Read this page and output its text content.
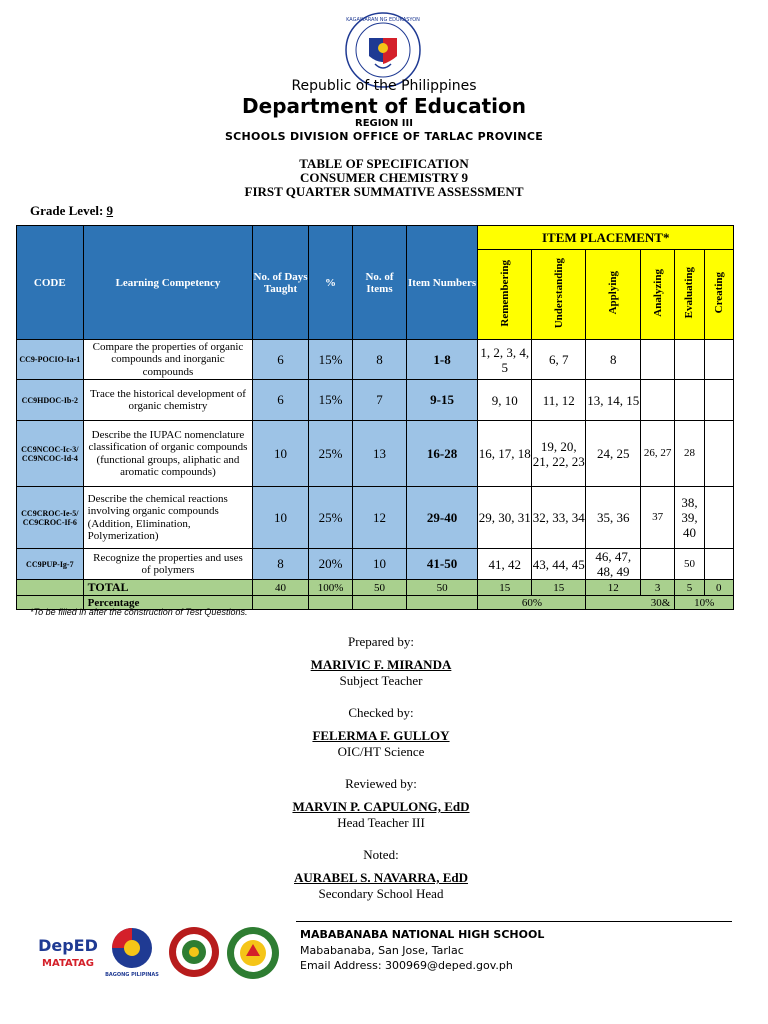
KAGAWARAN NG EDUKASYON
Republic of the Philippines
Department of Education
REGION III
SCHOOLS DIVISION OFFICE OF TARLAC PROVINCE
TABLE OF SPECIFICATION
CONSUMER CHEMISTRY 9
FIRST QUARTER SUMMATIVE ASSESSMENT
Grade Level: 9
CODE	Learning Competency	No. of Days Taught	%	No. of Items	Item Numbers	ITEM PLACEMENT*					
						Remembering	Understanding	Applying	Analyzing	Evaluating	Creating
CC9-POCIO-Ia-1	Compare the properties of organic compounds and inorganic compounds	6	15%	8	1-8	1, 2, 3, 4, 5	6, 7	8			
CC9HDOC-Ib-2	Trace the historical development of organic chemistry	6	15%	7	9-15	9, 10	11, 12	13, 14, 15			
CC9NCOC-Ic-3/ CC9NCOC-Id-4	Describe the IUPAC nomenclature classification of organic compounds (functional groups, aliphatic and aromatic compounds)	10	25%	13	16-28	16, 17, 18	19, 20, 21, 22, 23	24, 25	26, 27	28	
CC9CROC-Ie-5/ CC9CROC-If-6	Describe the chemical reactions involving organic compounds (Addition, Elimination, Polymerization)	10	25%	12	29-40	29, 30, 31	32, 33, 34	35, 36	37	38, 39, 40	
CC9PUP-Ig-7	Recognize the properties and uses of polymers	8	20%	10	41-50	41, 42	43, 44, 45	46, 47, 48, 49		50	
	TOTAL	40	100%	50	50	15	15	12	3	5	0
	Percentage					60%		30&		10%	
*To be filled in after the construction of Test Questions.
Prepared by:
MARIVIC F. MIRANDA
Subject Teacher
Checked by:
FELERMA F. GULLOY
OIC/HT Science
Reviewed by:
MARVIN P. CAPULONG, EdD
Head Teacher III
Noted:
AURABEL S. NAVARRA, EdD
Secondary School Head
DepED
MATATAG
BAGONG PILIPINAS
MABABANABA NATIONAL HIGH SCHOOL
Mababanaba, San Jose, Tarlac
Email Address: 300969@deped.gov.ph
